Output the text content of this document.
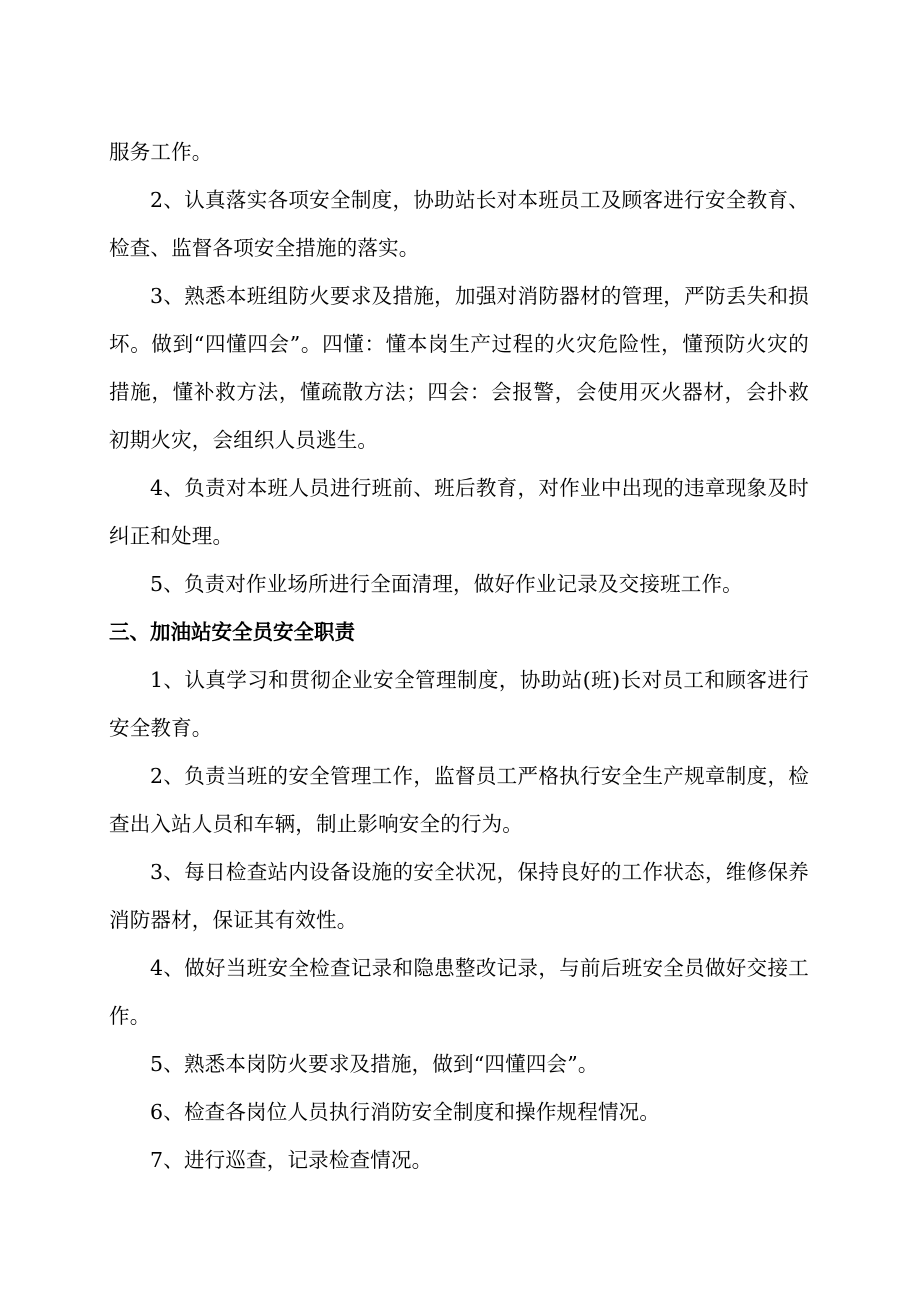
服务工作。

2、认真落实各项安全制度，协助站长对本班员工及顾客进行安全教育、检查、监督各项安全措施的落实。

3、熟悉本班组防火要求及措施，加强对消防器材的管理，严防丢失和损坏。做到“四懂四会”。四懂：懂本岗生产过程的火灾危险性，懂预防火灾的措施，懂补救方法，懂疏散方法；四会：会报警，会使用灭火器材，会扑救初期火灾，会组织人员逃生。

4、负责对本班人员进行班前、班后教育，对作业中出现的违章现象及时纠正和处理。

5、负责对作业场所进行全面清理，做好作业记录及交接班工作。

三、加油站安全员安全职责

1、认真学习和贯彻企业安全管理制度，协助站(班)长对员工和顾客进行安全教育。

2、负责当班的安全管理工作，监督员工严格执行安全生产规章制度，检查出入站人员和车辆，制止影响安全的行为。

3、每日检查站内设备设施的安全状况，保持良好的工作状态，维修保养消防器材，保证其有效性。

4、做好当班安全检查记录和隐患整改记录，与前后班安全员做好交接工作。

5、熟悉本岗防火要求及措施，做到“四懂四会”。

6、检查各岗位人员执行消防安全制度和操作规程情况。

7、进行巡查，记录检查情况。
